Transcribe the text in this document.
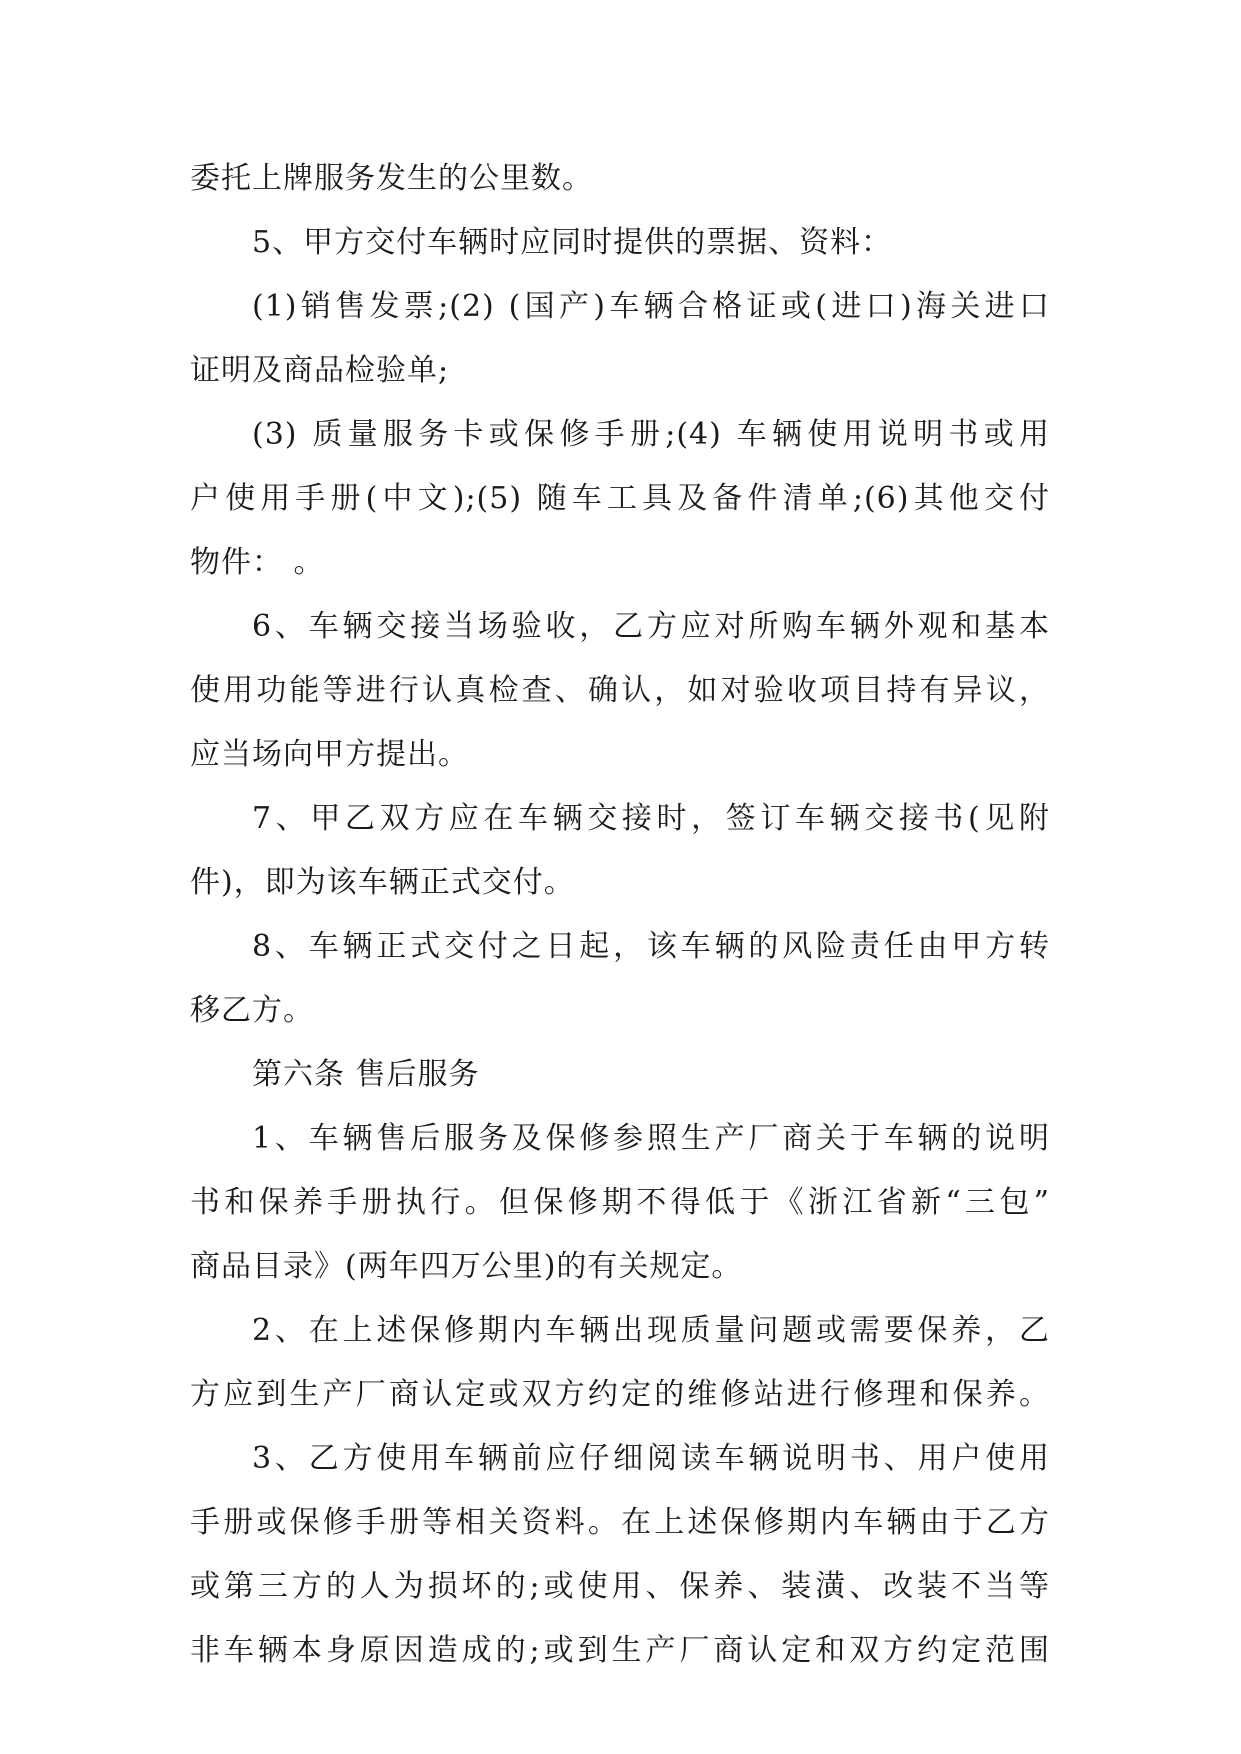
委托上牌服务发生的公里数。
5、甲方交付车辆时应同时提供的票据、资料：
(1)销售发票;(2) (国产)车辆合格证或(进口)海关进口
证明及商品检验单;
(3) 质量服务卡或保修手册;(4) 车辆使用说明书或用
户使用手册(中文);(5) 随车工具及备件清单;(6)其他交付
物件： 。
6、车辆交接当场验收，乙方应对所购车辆外观和基本
使用功能等进行认真检查、确认，如对验收项目持有异议，
应当场向甲方提出。
7、甲乙双方应在车辆交接时，签订车辆交接书(见附
件)，即为该车辆正式交付。
8、车辆正式交付之日起，该车辆的风险责任由甲方转
移乙方。
第六条 售后服务
1、车辆售后服务及保修参照生产厂商关于车辆的说明
书和保养手册执行。但保修期不得低于《浙江省新“三包”
商品目录》(两年四万公里)的有关规定。
2、在上述保修期内车辆出现质量问题或需要保养，乙
方应到生产厂商认定或双方约定的维修站进行修理和保养。
3、乙方使用车辆前应仔细阅读车辆说明书、用户使用
手册或保修手册等相关资料。在上述保修期内车辆由于乙方
或第三方的人为损坏的;或使用、保养、装潢、改装不当等
非车辆本身原因造成的;或到生产厂商认定和双方约定范围
